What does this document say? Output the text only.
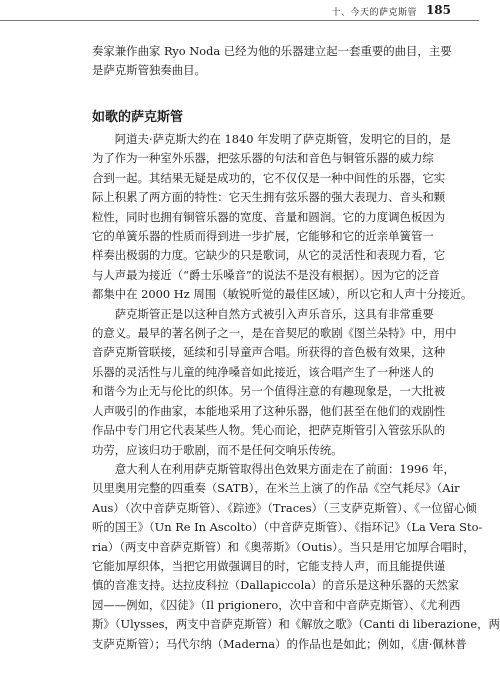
十、今天的萨克斯管 185
奏家兼作曲家 Ryo Noda 已经为他的乐器建立起一套重要的曲目，主要
是萨克斯管独奏曲目。
如歌的萨克斯管
　　阿道夫·萨克斯大约在 1840 年发明了萨克斯管，发明它的目的，是
为了作为一种室外乐器，把弦乐器的句法和音色与铜管乐器的威力综
合到一起。其结果无疑是成功的，它不仅仅是一种中间性的乐器，它实
际上积累了两方面的特性：它天生拥有弦乐器的强大表现力、音头和颗
粒性，同时也拥有铜管乐器的宽度、音量和圆润。它的力度调色板因为
它的单簧乐器的性质而得到进一步扩展，它能够和它的近亲单簧管一
样奏出极弱的力度。它缺少的只是歌词，从它的灵活性和表现力看，它
与人声最为接近（“爵士乐嗓音”的说法不是没有根据）。因为它的泛音
都集中在 2000 Hz 周围（敏锐听觉的最佳区域），所以它和人声十分接近。
　　萨克斯管正是以这种自然方式被引入声乐音乐，这具有非常重要
的意义。最早的著名例子之一，是在音契尼的歌剧《图兰朵特》中，用中
音萨克斯管联接，延续和引导童声合唱。所获得的音色极有效果，这种
乐器的灵活性与儿童的纯净嗓音如此接近，该合唱产生了一种迷人的
和谐今为止无与伦比的织体。另一个值得注意的有趣现象是，一大批被
人声吸引的作曲家，本能地采用了这种乐器，他们甚至在他们的戏剧性
作品中专门用它代表某些人物。凭心而论，把萨克斯管引入管弦乐队的
功劳，应该归功于歌剧，而不是任何交响乐传统。
　　意大利人在利用萨克斯管取得出色效果方面走在了前面：1996 年，
贝里奥用完整的四重奏（SATB），在米兰上演了的作品《空气耗尽》（Air
Aus）（次中音萨克斯管）、《踪迹》（Traces）（三支萨克斯管）、《一位留心倾
听的国王》（Un Re In Ascolto）（中音萨克斯管）、《指环记》（La Vera Sto-
ria）（两支中音萨克斯管）和《奥蒂斯》（Outis）。当只是用它加厚合唱时，
它能加厚织体，当把它用做强调目的时，它能支持人声，而且能提供谨
慎的音准支持。达拉皮科拉（Dallapiccola）的音乐是这种乐器的天然家
园——例如，《囚徒》（Il prigionero，次中音和中音萨克斯管）、《尤利西
斯》（Ulysses，两支中音萨克斯管）和《解放之歌》（Canti di liberazione，两
支萨克斯管）；马代尔纳（Maderna）的作品也是如此；例如，《唐·佩林普
